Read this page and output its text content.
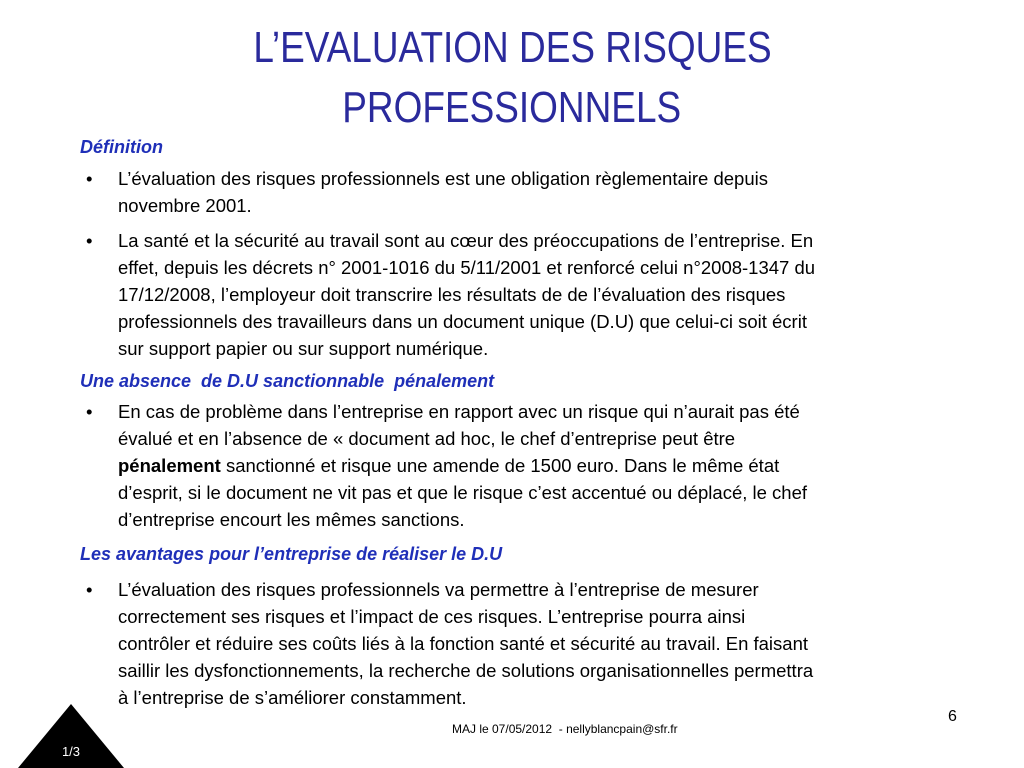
L’EVALUATION DES RISQUES
PROFESSIONNELS
Définition
• L’évaluation des risques professionnels est une obligation règlementaire depuis
novembre 2001.
• La santé et la sécurité au travail sont au cœur des préoccupations de l’entreprise. En
effet, depuis les décrets n° 2001-1016 du 5/11/2001 et renforcé celui n°2008-1347 du
17/12/2008, l’employeur doit transcrire les résultats de de l’évaluation des risques
professionnels des travailleurs dans un document unique (D.U) que celui-ci soit écrit
sur support papier ou sur support numérique.
Une absence  de D.U sanctionnable  pénalement
• En cas de problème dans l’entreprise en rapport avec un risque qui n’aurait pas été
évalué et en l’absence de « document ad hoc, le chef d’entreprise peut être
pénalement sanctionné et risque une amende de 1500 euro. Dans le même état
d’esprit, si le document ne vit pas et que le risque c’est accentué ou déplacé, le chef
d’entreprise encourt les mêmes sanctions.
Les avantages pour l’entreprise de réaliser le D.U
• L’évaluation des risques professionnels va permettre à l’entreprise de mesurer
correctement ses risques et l’impact de ces risques. L’entreprise pourra ainsi
contrôler et réduire ses coûts liés à la fonction santé et sécurité au travail. En faisant
saillir les dysfonctionnements, la recherche de solutions organisationnelles permettra
à l’entreprise de s’améliorer constamment.
6
MAJ le 07/05/2012  - nellyblancpain@sfr.fr
1/3
